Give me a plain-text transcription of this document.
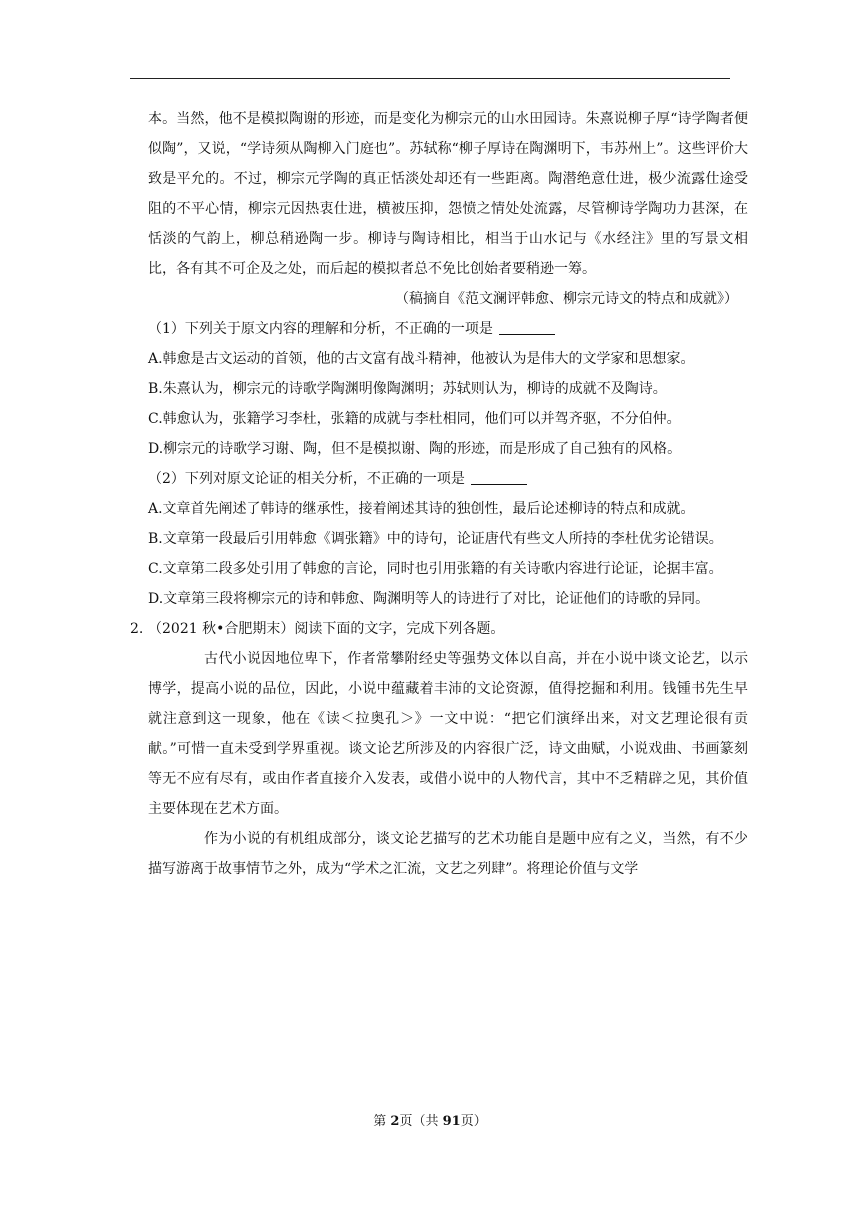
本。当然，他不是模拟陶谢的形迹，而是变化为柳宗元的山水田园诗。朱熹说柳子厚“诗学陶者便似陶”，又说，“学诗须从陶柳入门庭也”。苏轼称“柳子厚诗在陶渊明下，韦苏州上”。这些评价大致是平允的。不过，柳宗元学陶的真正恬淡处却还有一些距离。陶潜绝意仕进，极少流露仕途受阻的不平心情，柳宗元因热衷仕进，横被压抑，怨愤之情处处流露，尽管柳诗学陶功力甚深，在恬淡的气韵上，柳总稍逊陶一步。柳诗与陶诗相比，相当于山水记与《水经注》里的写景文相比，各有其不可企及之处，而后起的模拟者总不免比创始者要稍逊一筹。

（稿摘自《范文澜评韩愈、柳宗元诗文的特点和成就》）

（1）下列关于原文内容的理解和分析，不正确的一项是

A.韩愈是古文运动的首领，他的古文富有战斗精神，他被认为是伟大的文学家和思想家。

B.朱熹认为，柳宗元的诗歌学陶渊明像陶渊明；苏轼则认为，柳诗的成就不及陶诗。

C.韩愈认为，张籍学习李杜，张籍的成就与李杜相同，他们可以并驾齐驱，不分伯仲。

D.柳宗元的诗歌学习谢、陶，但不是模拟谢、陶的形迹，而是形成了自己独有的风格。

（2）下列对原文论证的相关分析，不正确的一项是

A.文章首先阐述了韩诗的继承性，接着阐述其诗的独创性，最后论述柳诗的特点和成就。

B.文章第一段最后引用韩愈《调张籍》中的诗句，论证唐代有些文人所持的李杜优劣论错误。

C.文章第二段多处引用了韩愈的言论，同时也引用张籍的有关诗歌内容进行论证，论据丰富。

D.文章第三段将柳宗元的诗和韩愈、陶渊明等人的诗进行了对比，论证他们的诗歌的异同。

2. （2021 秋•合肥期末）阅读下面的文字，完成下列各题。

古代小说因地位卑下，作者常攀附经史等强势文体以自高，并在小说中谈文论艺，以示博学，提高小说的品位，因此，小说中蕴藏着丰沛的文论资源，值得挖掘和利用。钱锺书先生早就注意到这一现象，他在《读＜拉奥孔＞》一文中说：“把它们演绎出来，对文艺理论很有贡献。”可惜一直未受到学界重视。谈文论艺所涉及的内容很广泛，诗文曲赋，小说戏曲、书画篆刻等无不应有尽有，或由作者直接介入发表，或借小说中的人物代言，其中不乏精辟之见，其价值主要体现在艺术方面。

作为小说的有机组成部分，谈文论艺描写的艺术功能自是题中应有之义，当然，有不少描写游离于故事情节之外，成为“学术之汇流，文艺之列肆”。将理论价值与文学

第 2页（共 91页）
